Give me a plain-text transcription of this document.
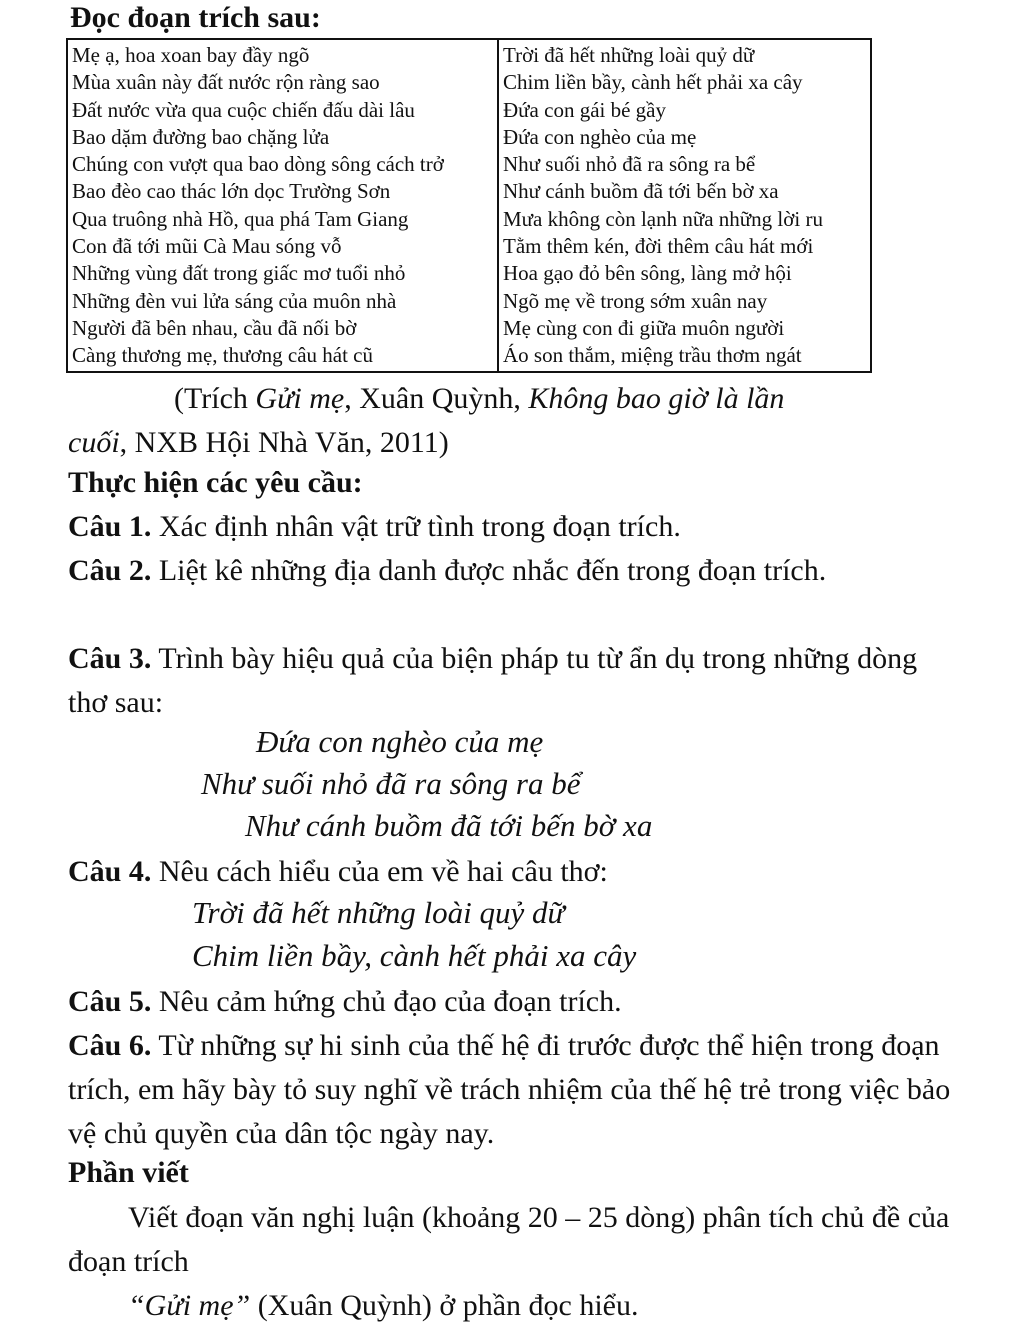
Đọc đoạn trích sau:
Mẹ ạ, hoa xoan bay đầy ngõ
Mùa xuân này đất nước rộn ràng sao
Đất nước vừa qua cuộc chiến đấu dài lâu
Bao dặm đường bao chặng lửa
Chúng con vượt qua bao dòng sông cách trở
Bao đèo cao thác lớn dọc Trường Sơn
Qua truông nhà Hồ, qua phá Tam Giang
Con đã tới mũi Cà Mau sóng vỗ
Những vùng đất trong giấc mơ tuổi nhỏ
Những đèn vui lửa sáng của muôn nhà
Người đã bên nhau, cầu đã nối bờ
Càng thương mẹ, thương câu hát cũ
Trời đã hết những loài quỷ dữ
Chim liền bầy, cành hết phải xa cây
Đứa con gái bé gầy
Đứa con nghèo của mẹ
Như suối nhỏ đã ra sông ra bể
Như cánh buồm đã tới bến bờ xa
Mưa không còn lạnh nữa những lời ru
Tằm thêm kén, đời thêm câu hát mới
Hoa gạo đỏ bên sông, làng mở hội
Ngõ mẹ về trong sớm xuân nay
Mẹ cùng con đi giữa muôn người
Áo son thắm, miệng trầu thơm ngát
(Trích Gửi mẹ, Xuân Quỳnh, Không bao giờ là lần
cuối, NXB Hội Nhà Văn, 2011)
Thực hiện các yêu cầu:
Câu 1. Xác định nhân vật trữ tình trong đoạn trích.
Câu 2. Liệt kê những địa danh được nhắc đến trong đoạn trích.
Câu 3. Trình bày hiệu quả của biện pháp tu từ ẩn dụ trong những dòng thơ sau:
Đứa con nghèo của mẹ
Như suối nhỏ đã ra sông ra bể
Như cánh buồm đã tới bến bờ xa
Câu 4. Nêu cách hiểu của em về hai câu thơ:
Trời đã hết những loài quỷ dữ
Chim liền bầy, cành hết phải xa cây
Câu 5. Nêu cảm hứng chủ đạo của đoạn trích.
Câu 6. Từ những sự hi sinh của thế hệ đi trước được thể hiện trong đoạn trích, em hãy bày tỏ suy nghĩ về trách nhiệm của thế hệ trẻ trong việc bảo vệ chủ quyền của dân tộc ngày nay.
Phần viết
Viết đoạn văn nghị luận (khoảng 20 – 25 dòng) phân tích chủ đề của đoạn trích
“Gửi mẹ” (Xuân Quỳnh) ở phần đọc hiểu.
